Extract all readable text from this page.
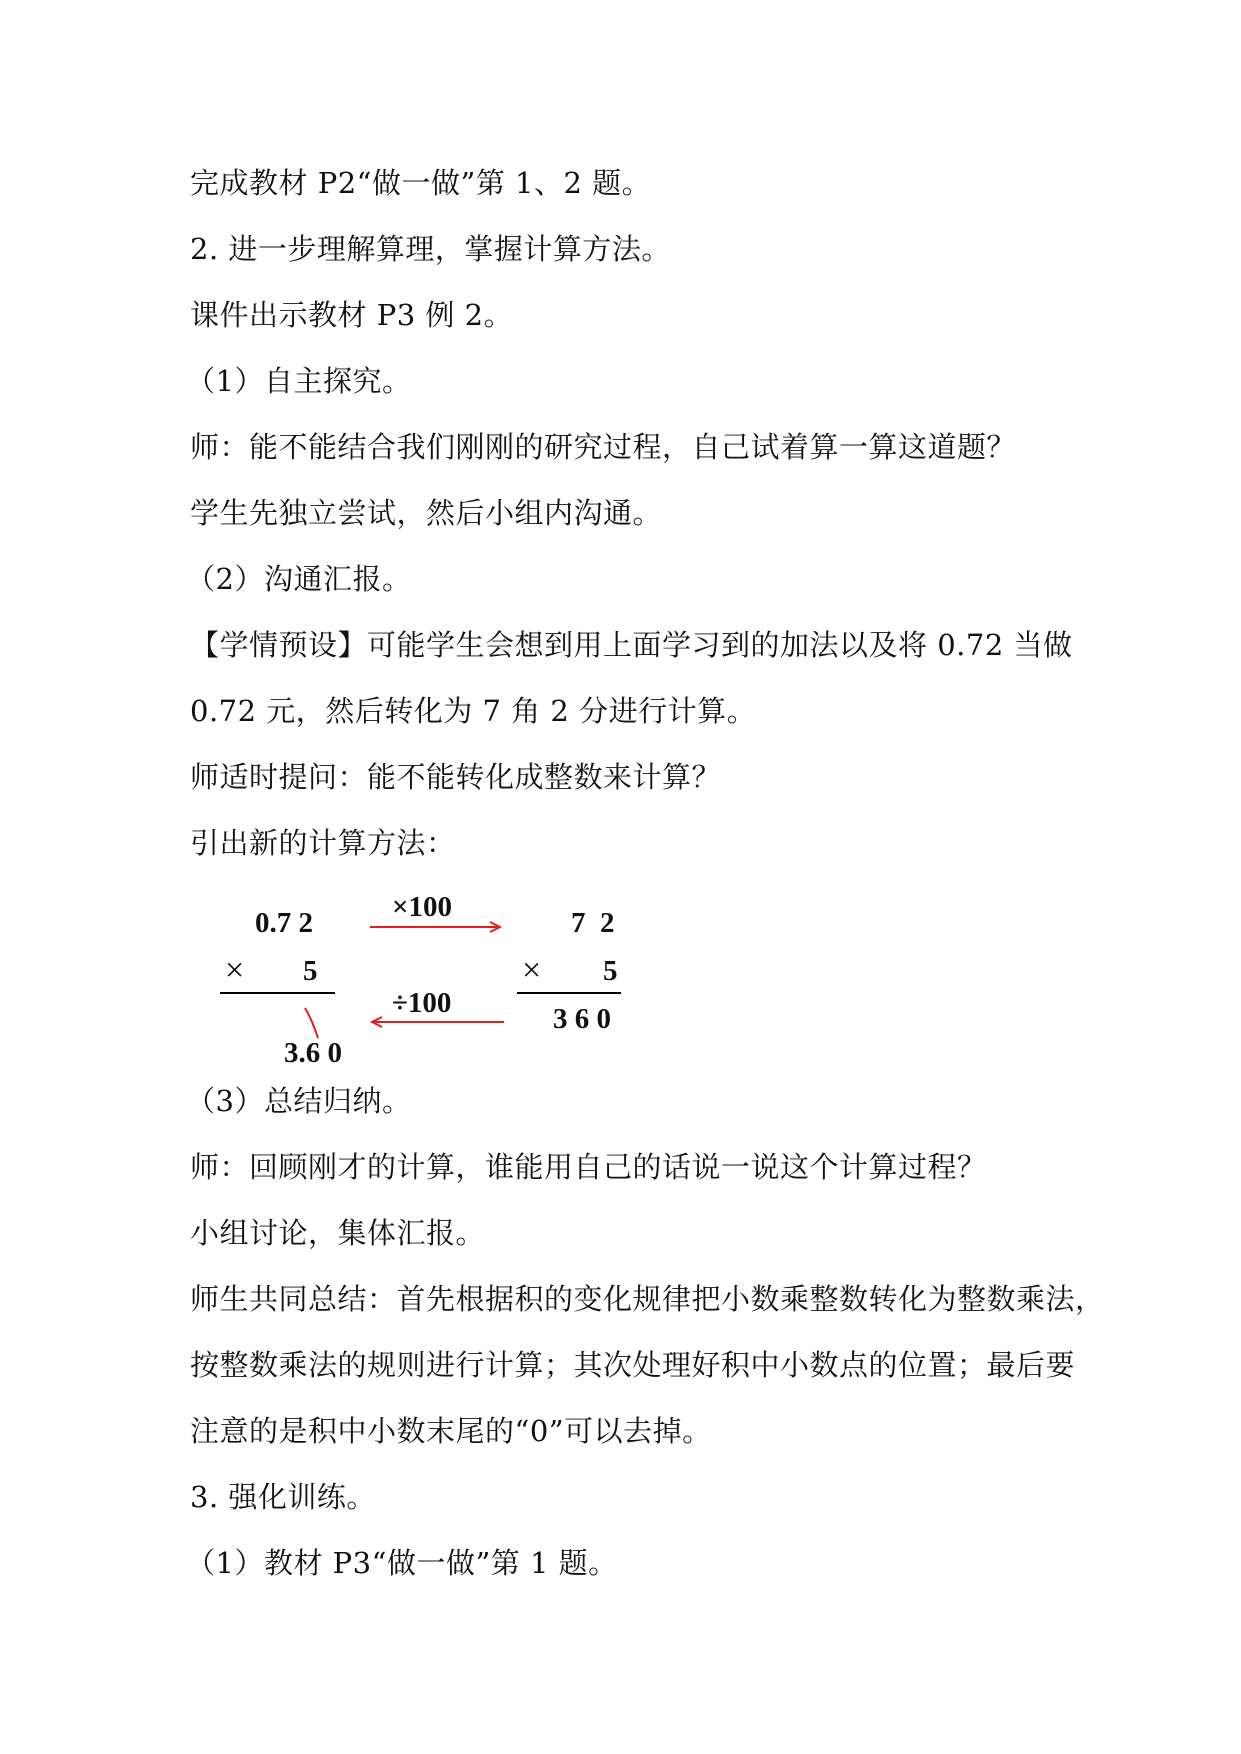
完成教材 P2“做一做”第 1、2 题。
2. 进一步理解算理，掌握计算方法。
课件出示教材 P3 例 2。
（1）自主探究。
师：能不能结合我们刚刚的研究过程，自己试着算一算这道题？
学生先独立尝试，然后小组内沟通。
（2）沟通汇报。
【学情预设】可能学生会想到用上面学习到的加法以及将 0.72 当做
0.72 元，然后转化为 7 角 2 分进行计算。
师适时提问：能不能转化成整数来计算？
引出新的计算方法：
0.7 2
× 5

3.6 0

×100
÷100
7  2
× 5
3 6 0
（3）总结归纳。
师：回顾刚才的计算，谁能用自己的话说一说这个计算过程？
小组讨论，集体汇报。
师生共同总结：首先根据积的变化规律把小数乘整数转化为整数乘法，
按整数乘法的规则进行计算；其次处理好积中小数点的位置；最后要
注意的是积中小数末尾的“0”可以去掉。
3. 强化训练。
（1）教材 P3“做一做”第 1 题。
